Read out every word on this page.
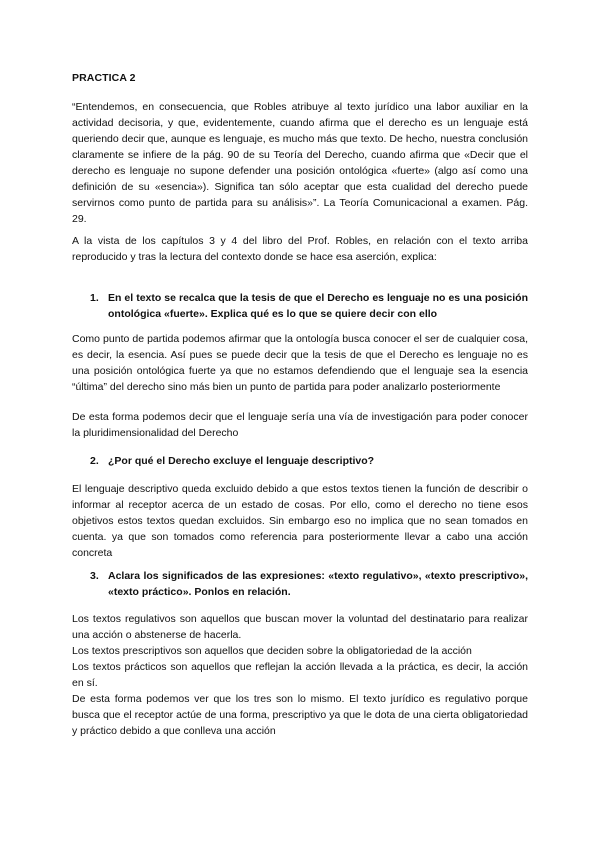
PRACTICA 2

“Entendemos, en consecuencia, que Robles atribuye al texto jurídico una labor auxiliar en la actividad decisoria, y que, evidentemente, cuando afirma que el derecho es un lenguaje está queriendo decir que, aunque es lenguaje, es mucho más que texto. De hecho, nuestra conclusión claramente se infiere de la pág. 90 de su Teoría del Derecho, cuando afirma que «Decir que el derecho es lenguaje no supone defender una posición ontológica «fuerte» (algo así como una definición de su «esencia»). Significa tan sólo aceptar que esta cualidad del derecho puede servirnos como punto de partida para su análisis»”. La Teoría Comunicacional a examen. Pág. 29.

A la vista de los capítulos 3 y 4 del libro del Prof. Robles, en relación con el texto arriba reproducido y tras la lectura del contexto donde se hace esa aserción, explica:

1. En el texto se recalca que la tesis de que el Derecho es lenguaje no es una posición ontológica «fuerte». Explica qué es lo que se quiere decir con ello

Como punto de partida podemos afirmar que la ontología busca conocer el ser de cualquier cosa, es decir, la esencia. Así pues se puede decir que la tesis de que el Derecho es lenguaje no es una posición ontológica fuerte ya que no estamos defendiendo que el lenguaje sea la esencia “última” del derecho sino más bien un punto de partida para poder analizarlo posteriormente

De esta forma podemos decir que el lenguaje sería una vía de investigación para poder conocer la pluridimensionalidad del Derecho

2. ¿Por qué el Derecho excluye el lenguaje descriptivo?

El lenguaje descriptivo queda excluido debido a que estos textos tienen la función de describir o informar al receptor acerca de un estado de cosas. Por ello, como el derecho no tiene esos objetivos estos textos quedan excluidos. Sin embargo eso no implica que no sean tomados en cuenta. ya que son tomados como referencia para posteriormente llevar a cabo una acción concreta

3. Aclara los significados de las expresiones: «texto regulativo», «texto prescriptivo», «texto práctico». Ponlos en relación.

Los textos regulativos son aquellos que buscan mover la voluntad del destinatario para realizar una acción o abstenerse de hacerla.

Los textos prescriptivos son aquellos que deciden sobre la obligatoriedad de la acción

Los textos prácticos son aquellos que reflejan la acción llevada a la práctica, es decir, la acción en sí.

De esta forma podemos ver que los tres son lo mismo. El texto jurídico es regulativo porque busca que el receptor actúe de una forma, prescriptivo ya que le dota de una cierta obligatoriedad y práctico debido a que conlleva una acción
